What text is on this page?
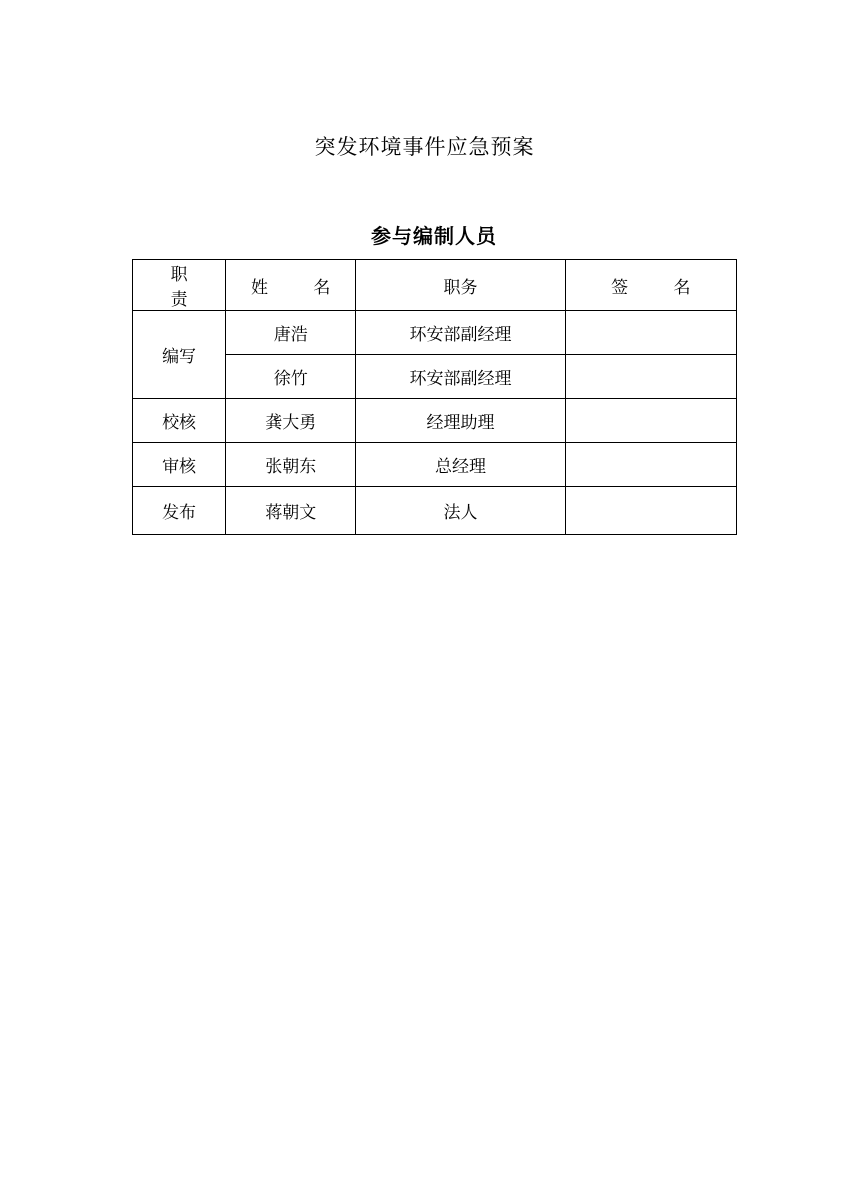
突发环境事件应急预案
参与编制人员
职 责	姓 名	职务	签 名
编写	唐浩	环安部副经理	
	徐竹	环安部副经理	
校核	龚大勇	经理助理	
审核	张朝东	总经理	
发布	蒋朝文	法人	
